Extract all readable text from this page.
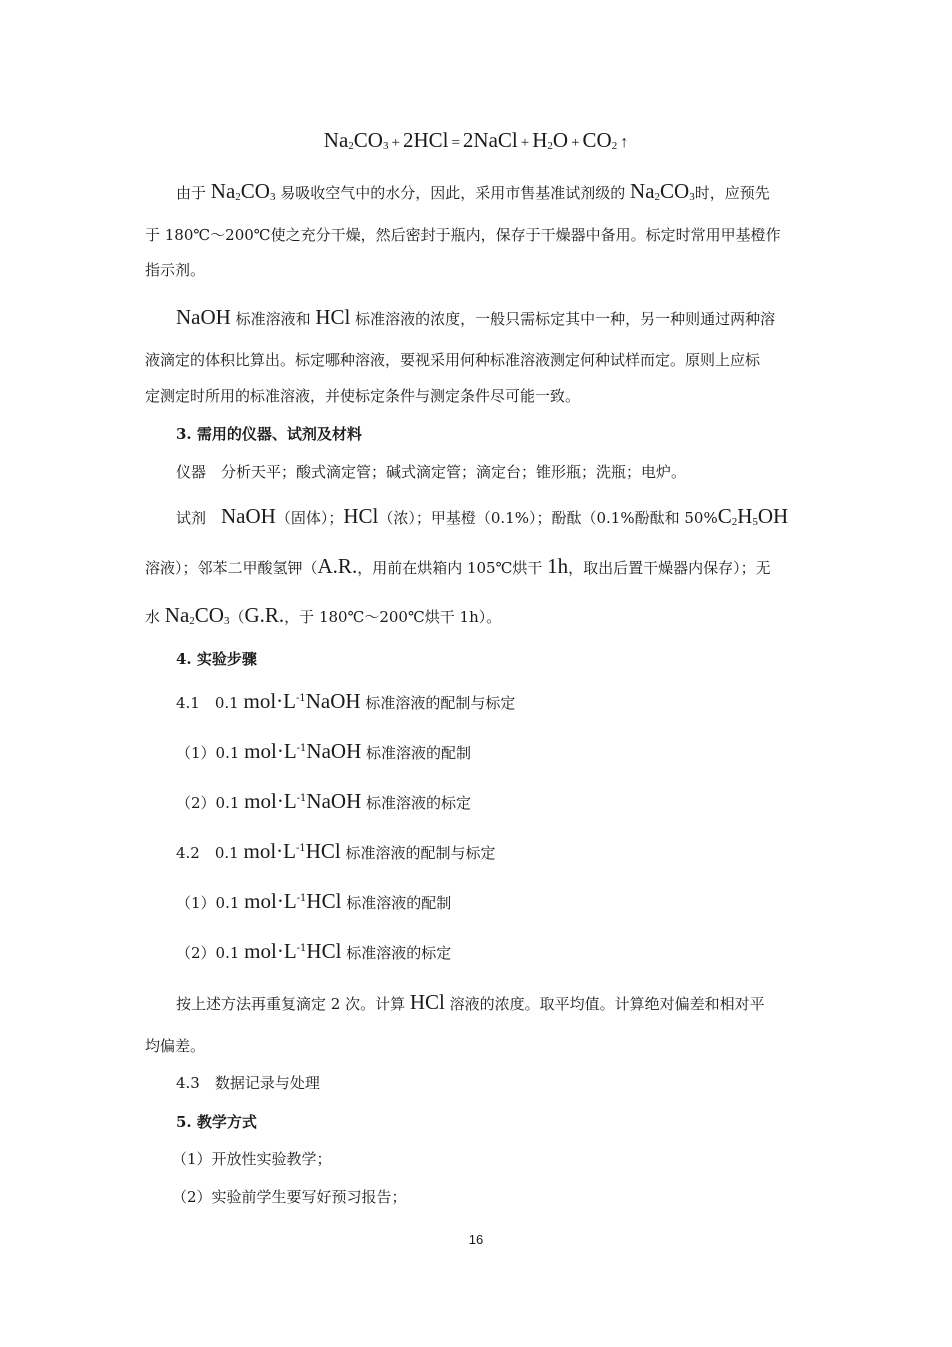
$Na_2CO_3 + 2HCl$ = 2NaCl + $H_2O + CO_2$ ↑
由于 $Na_2CO_3$ 易吸收空气中的水分，因此，采用市售基准试剂级的 $Na_2CO_3$时，应预先
于 180℃～200℃使之充分干燥，然后密封于瓶内，保存于干燥器中备用。标定时常用甲基橙作
指示剂。
NaOH 标准溶液和 HCl 标准溶液的浓度，一般只需标定其中一种，另一种则通过两种溶
液滴定的体积比算出。标定哪种溶液，要视采用何种标准溶液测定何种试样而定。原则上应标
定测定时所用的标准溶液，并使标定条件与测定条件尽可能一致。
3. 需用的仪器、试剂及材料
仪器　分析天平；酸式滴定管；碱式滴定管；滴定台；锥形瓶；洗瓶；电炉。
试剂　NaOH（固体）；HCl（浓）；甲基橙（0.1%）；酚酞（0.1%酚酞和 $50\%C_2H_5OH$
溶液）；邻苯二甲酸氢钾（A.R.，用前在烘箱内 105℃烘干 1h，取出后置干燥器内保存）；无
水 $Na_2CO_3(G.R$.，于 180℃～200℃烘干 1h）。
4. 实验步骤
4.1　0.1 $mol\cdot L^{-1}NaOH$ 标准溶液的配制与标定
（1）0.1 $mol\cdot L^{-1}NaOH$ 标准溶液的配制
（2）0.1 $mol\cdot L^{-1}NaOH$ 标准溶液的标定
4.2　0.1 $mol\cdot L^{-1}HCl$ 标准溶液的配制与标定
（1）0.1 $mol\cdot L^{-1}HCl$ 标准溶液的配制
（2）0.1 $mol\cdot L^{-1}HCl$ 标准溶液的标定
按上述方法再重复滴定 2 次。计算 HCl 溶液的浓度。取平均值。计算绝对偏差和相对平
均偏差。
4.3　数据记录与处理
5. 教学方式
（1）开放性实验教学；
（2）实验前学生要写好预习报告；
16
